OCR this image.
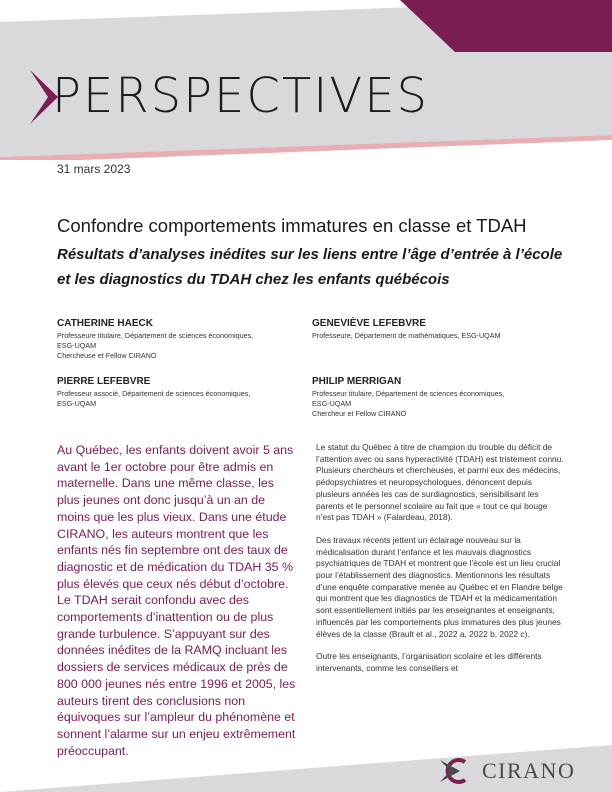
PERSPECTIVES
31 mars 2023
Confondre comportements immatures en classe et TDAH
Résultats d’analyses inédites sur les liens entre l’âge d’entrée à l’école et les diagnostics du TDAH chez les enfants québécois
CATHERINE HAECK
Professeure titulaire, Département de sciences économiques,
ESG-UQAM
Chercheuse et Fellow CIRANO
GENEVIÈVE LEFEBVRE
Professeure, Département de mathématiques, ESG-UQAM
PIERRE LEFEBVRE
Professeur associé, Département de sciences économiques,
ESG-UQAM
PHILIP MERRIGAN
Professeur titulaire, Département de sciences économiques,
ESG-UQAM
Chercheur et Fellow CIRANO
Au Québec, les enfants doivent avoir 5 ans avant le 1er octobre pour être admis en maternelle. Dans une même classe, les plus jeunes ont donc jusqu’à un an de moins que les plus vieux. Dans une étude CIRANO, les auteurs montrent que les enfants nés fin septembre ont des taux de diagnostic et de médication du TDAH 35 % plus élevés que ceux nés début d’octobre. Le TDAH serait confondu avec des comportements d’inattention ou de plus grande turbulence. S’appuyant sur des données inédites de la RAMQ incluant les dossiers de services médicaux de près de 800 000 jeunes nés entre 1996 et 2005, les auteurs tirent des conclusions non équivoques sur l’ampleur du phénomène et sonnent l’alarme sur un enjeu extrêmement préoccupant.

Le statut du Québec à titre de champion du trouble du déficit de l’attention avec ou sans hyperactivité (TDAH) est tristement connu. Plusieurs chercheurs et chercheuses, et parmi eux des médecins, pédopsychiatres et neuropsychologues, dénoncent depuis plusieurs années les cas de surdiagnostics, sensibilisant les parents et le personnel scolaire au fait que « tout ce qui bouge n’est pas TDAH » (Falardeau, 2018).

Des travaux récents jettent un éclairage nouveau sur la médicalisation durant l’enfance et les mauvais diagnostics psychiatriques de TDAH et montrent que l’école est un lieu crucial pour l’établissement des diagnostics. Mentionnons les résultats d’une enquête comparative menée au Québec et en Flandre belge qui montrent que les diagnostics de TDAH et la médicamentation sont essentiellement initiés par les enseignantes et enseignants, influencés par les comportements plus immatures des plus jeunes élèves de la classe (Brault et al., 2022 a, 2022 b, 2022 c).

Outre les enseignants, l’organisation scolaire et les différents intervenants, comme les conseillers et

CIRANO
